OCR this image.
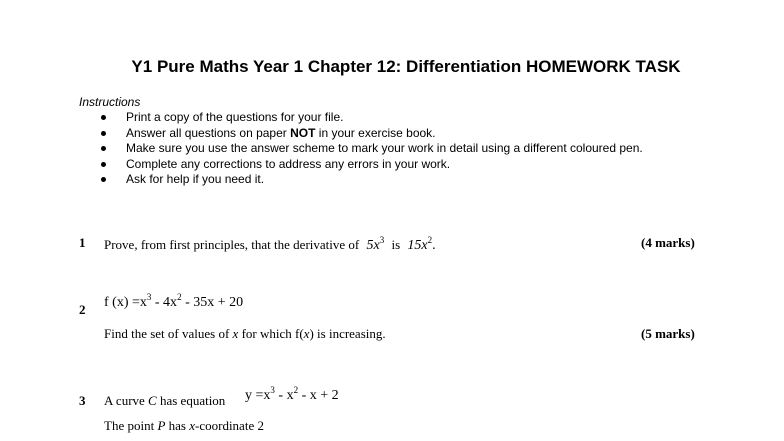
Y1 Pure Maths Year 1 Chapter 12: Differentiation HOMEWORK TASK
Instructions
Print a copy of the questions for your file.
Answer all questions on paper NOT in your exercise book.
Make sure you use the answer scheme to mark your work in detail using a different coloured pen.
Complete any corrections to address any errors in your work.
Ask for help if you need it.
1 Prove, from first principles, that the derivative of $5x^3$ is $15x^2$.	(4 marks)
f $(x) =x^3 - 4x^2 - 35x + 20$
2
Find the set of values of x for which f(x) is increasing.	(5 marks)
3 A curve C has equation $y =x^3 - x^2 - x + 2$
The point P has x-coordinate 2
